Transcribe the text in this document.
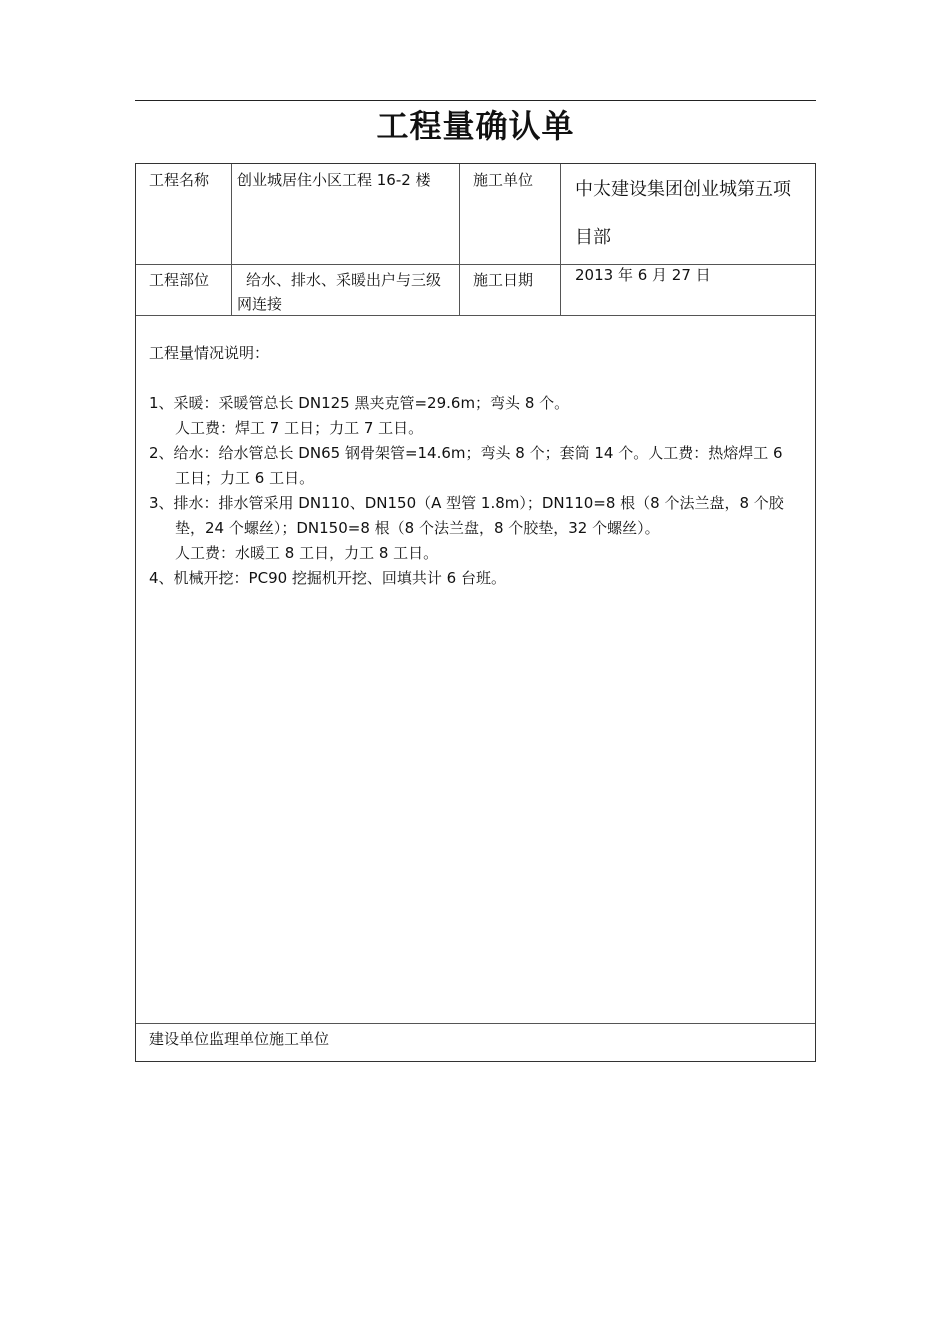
工程量确认单
工程名称 创业城居住小区工程 16-2 楼	施工单位 中太建设集团创业城第五项
目部
工程部位 给水、排水、采暖出户与三级
网连接
施工日期	2013 年 6 月 27 日
工程量情况说明：
1、采暖：采暖管总长 DN125 黑夹克管=29.6m；弯头 8 个。
人工费：焊工 7 工日；力工 7 工日。
2、给水：给水管总长 DN65 钢骨架管=14.6m；弯头 8 个；套筒 14 个。人工费：热熔焊工 6
工日；力工 6 工日。
3、排水：排水管采用 DN110、DN150（A 型管 1.8m）；DN110=8 根（8 个法兰盘，8 个胶
垫，24 个螺丝）；DN150=8 根（8 个法兰盘，8 个胶垫，32 个螺丝）。
人工费：水暖工 8 工日，力工 8 工日。
4、机械开挖：PC90 挖掘机开挖、回填共计 6 台班。
建设单位监理单位施工单位
